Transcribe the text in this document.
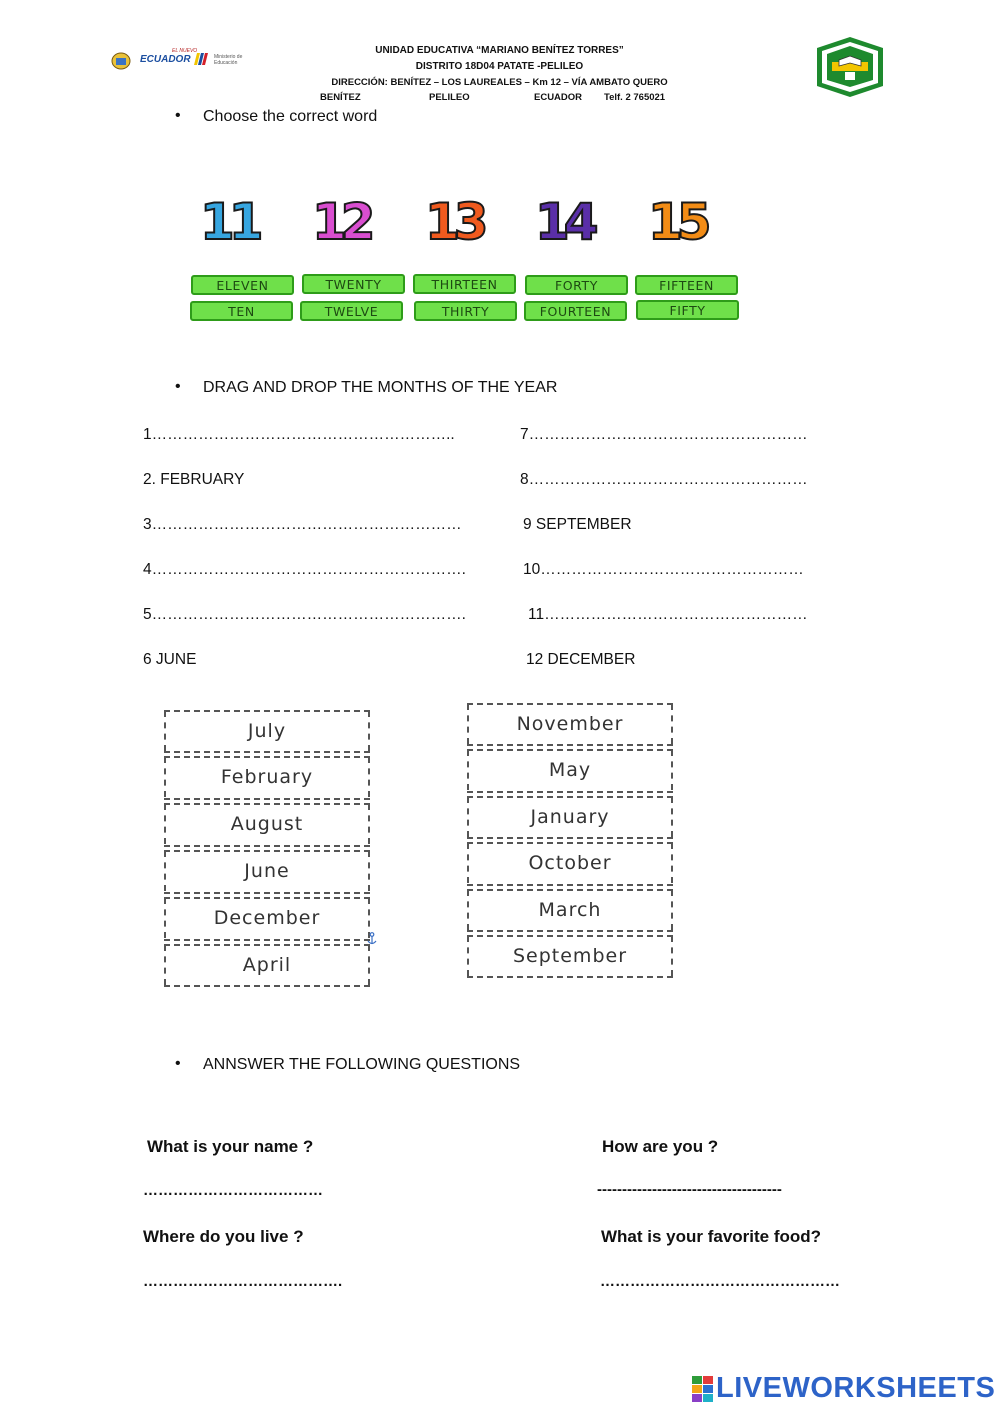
EL NUEVO
ECUADOR	Ministerio de Educación
UNIDAD EDUCATIVA “MARIANO BENÍTEZ TORRES”
DISTRITO 18D04 PATATE -PELILEO
DIRECCIÓN: BENÍTEZ – LOS LAUREALES – Km 12 – VÍA AMBATO QUERO
BENÍTEZ	PELILEO	ECUADOR Telf. 2 765021
• Choose the correct word
11 12 13 14 15
ELEVEN	TWENTY	THIRTEEN	FORTY	FIFTEEN
TEN	TWELVE	THIRTY	FOURTEEN	FIFTY
• DRAG AND DROP THE MONTHS OF THE YEAR
1…………………………………………………..
2. FEBRUARY
3……………………………………………………
4…………………………………………………….
5…………………………………………………….
6 JUNE
7………………………………………………
8………………………………………………
9 SEPTEMBER
10……………………………………………
11……………………………………………
12 DECEMBER
July
February
August
June
December
April
November
May
January
October
March
September
• ANNSWER THE FOLLOWING QUESTIONS
What is your name ?	How are you ?
………………………………	-------------------------------------
Where do you live ?	What is your favorite food?
………………………………….	…………………………………………
LIVEWORKSHEETS
